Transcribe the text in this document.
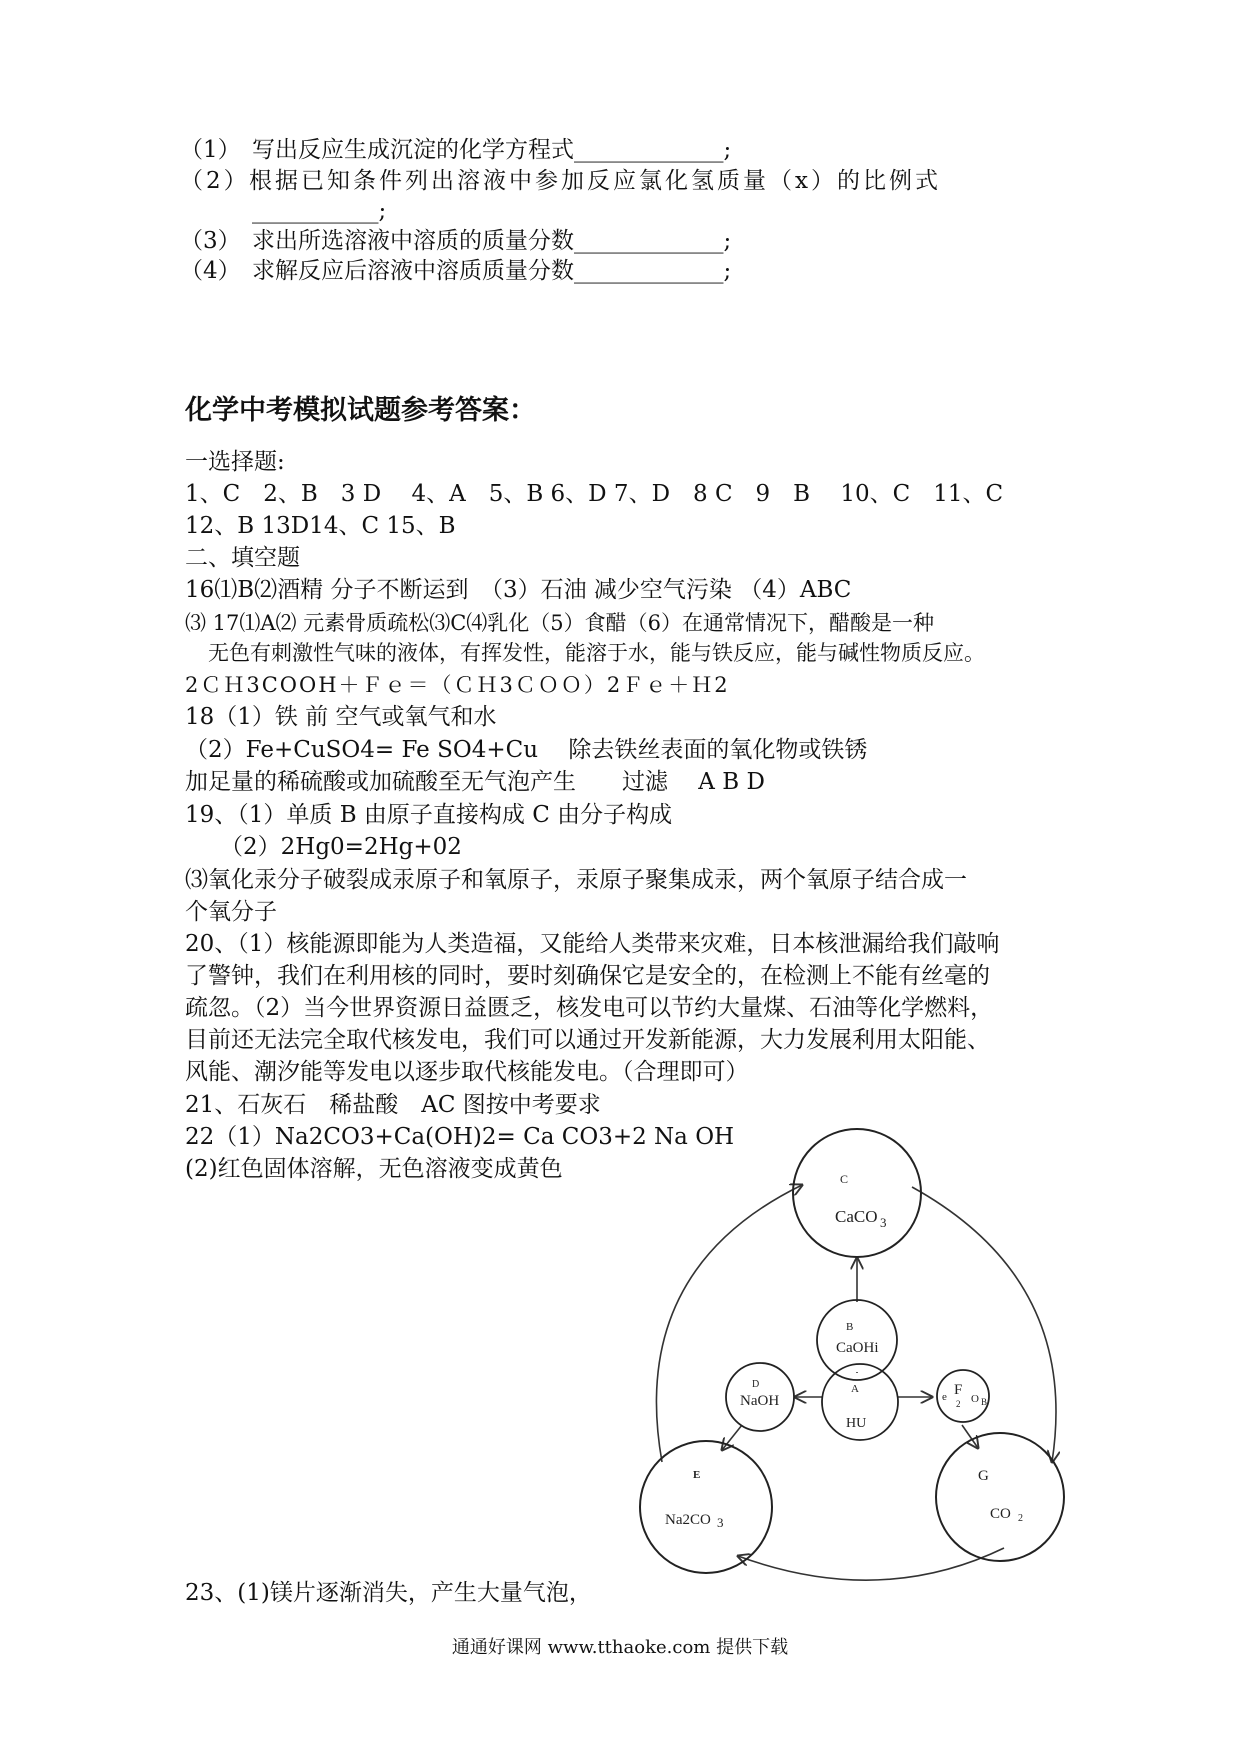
（1） 写出反应生成沉淀的化学方程式_____________;
（2）根据已知条件列出溶液中参加反应氯化氢质量（x）的比例式
___________;
（3） 求出所选溶液中溶质的质量分数_____________;
（4） 求解反应后溶液中溶质质量分数_____________;
化学中考模拟试题参考答案：
一选择题:
1、C　2、B　3 D　 4、A　5、B 6、D 7、D　8 C　9　B　 10、C　11、C
12、B 13D14、C 15、B
二、填空题
16⑴B⑵酒精 分子不断运到　（3）石油 减少空气污染 （4）ABC
⑶ 17⑴A⑵ 元素骨质疏松⑶C⑷乳化（5）食醋（6）在通常情况下，醋酸是一种
无色有刺激性气味的液体，有挥发性，能溶于水，能与铁反应，能与碱性物质反应。
2ＣＨ3COOH＋Ｆｅ＝（ＣＨ3ＣＯＯ）2Ｆｅ＋Ｈ2
18（1）铁 前 空气或氧气和水
（2）Fe+CuSO4= Fe SO4+Cu　 除去铁丝表面的氧化物或铁锈
加足量的稀硫酸或加硫酸至无气泡产生　　过滤　 A B D
19、（1）单质 B 由原子直接构成 C 由分子构成
（2）2Hg0=2Hg+02
⑶氧化汞分子破裂成汞原子和氧原子，汞原子聚集成汞，两个氧原子结合成一
个氧分子
20、（1）核能源即能为人类造福，又能给人类带来灾难，日本核泄漏给我们敲响
了警钟，我们在利用核的同时，要时刻确保它是安全的，在检测上不能有丝毫的
疏忽。（2）当今世界资源日益匮乏，核发电可以节约大量煤、石油等化学燃料，
目前还无法完全取代核发电，我们可以通过开发新能源，大力发展利用太阳能、
风能、潮汐能等发电以逐步取代核能发电。（合理即可）
21、石灰石　稀盐酸　AC 图按中考要求
22（1）Na2CO3+Ca(OH)2= Ca CO3+2 Na OH
(2)红色固体溶解，无色溶液变成黄色
23、(1)镁片逐渐消失，产生大量气泡，
C
CaCO 3
B
CaOHi
D
NaOH
A
HU
e F
2 O B
E
Na2CO 3
G
CO 2
通通好课网 www.tthaoke.com 提供下载
